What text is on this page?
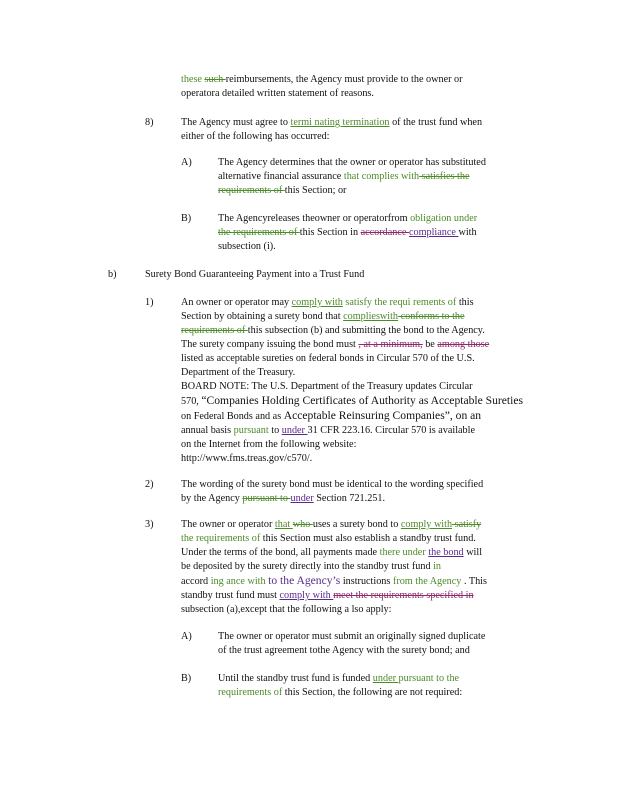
these such reimbursements, the Agency must provide to the owner or
operatora detailed written statement of reasons.
8)	The Agency must agree to termi nating termination of the trust fund when
either of the following has occurred:
A)	The Agency determines that the owner or operator has substituted
alternative financial assurance that complies with satisfies the
requirements of this Section; or
B)	The Agencyreleases theowner or operatorfrom obligation under
the requirements of this Section in accordance compliance with
subsection (i).
b)	Surety Bond Guaranteeing Payment into a Trust Fund
1)	An owner or operator may comply with satisfy the requi rements of this
Section by obtaining a surety bond that complieswith conforms to the
requirements of this subsection (b) and submitting the bond to the Agency.
The surety company issuing the bond must , at a minimum, be among those
listed as acceptable sureties on federal bonds in Circular 570 of the U.S.
Department of the Treasury.
BOARD NOTE: The U.S. Department of the Treasury updates Circular
570, “Companies Holding Certificates of Authority as Acceptable Sureties
on Federal Bonds and as Acceptable Reinsuring Companies”, on an
annual basis pursuant to under 31 CFR 223.16. Circular 570 is available
on the Internet from the following website:
http://www.fms.treas.gov/c570/.
2)	The wording of the surety bond must be identical to the wording specified
by the Agency pursuant to under Section 721.251.
3)	The owner or operator that who uses a surety bond to comply with satisfy
the requirements of this Section must also establish a standby trust fund.
Under the terms of the bond, all payments made there under the bond will
be deposited by the surety directly into the standby trust fund in
accord ing ance with to the Agency’s instructions from the Agency . This
standby trust fund must comply with meet the requirements specified in
subsection (a),except that the following a lso apply:
A)	The owner or operator must submit an originally signed duplicate
of the trust agreement tothe Agency with the surety bond; and
B)	Until the standby trust fund is funded under pursuant to the
requirements of this Section, the following are not required:
